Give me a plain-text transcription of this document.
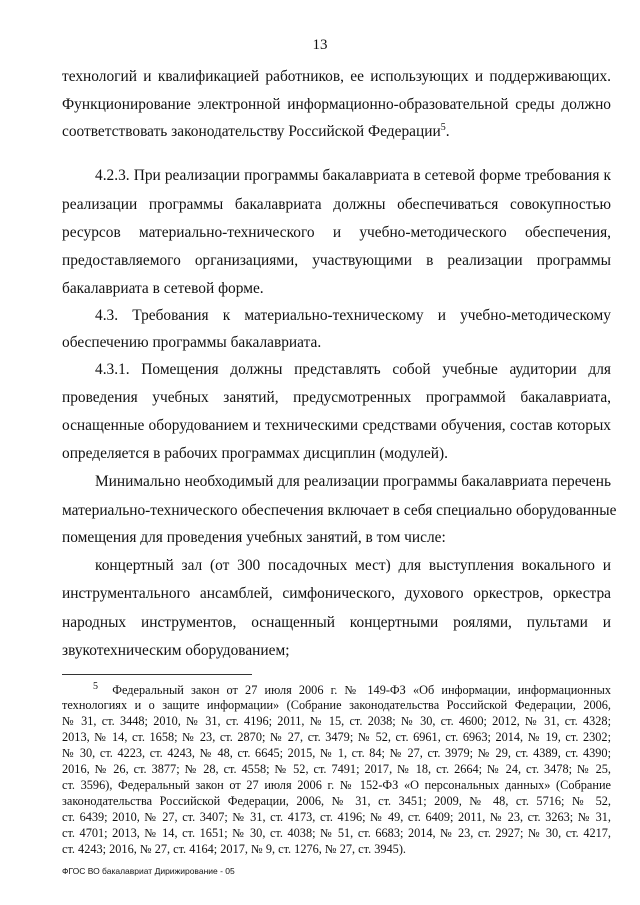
13
технологий и квалификацией работников, ее использующих и поддерживающих.
Функционирование электронной информационно-образовательной среды должно
соответствовать законодательству Российской Федерации$^5$.
4.2.3. При реализации программы бакалавриата в сетевой форме требования к
реализации программы бакалавриата должны обеспечиваться совокупностью
ресурсов материально-технического и учебно-методического обеспечения,
предоставляемого организациями, участвующими в реализации программы
бакалавриата в сетевой форме.
4.3. Требования к материально-техническому и учебно-методическому
обеспечению программы бакалавриата.
4.3.1. Помещения должны представлять собой учебные аудитории для
проведения учебных занятий, предусмотренных программой бакалавриата,
оснащенные оборудованием и техническими средствами обучения, состав которых
определяется в рабочих программах дисциплин (модулей).
Минимально необходимый для реализации программы бакалавриата перечень
материально-технического обеспечения включает в себя специально оборудованные
помещения для проведения учебных занятий, в том числе:
концертный зал (от 300 посадочных мест) для выступления вокального и
инструментального ансамблей, симфонического, духового оркестров, оркестра
народных инструментов, оснащенный концертными роялями, пультами и
звукотехническим оборудованием;
$^5$ Федеральный закон от 27 июля 2006 г. № 149-ФЗ «Об информации, информационных
технологиях и о защите информации» (Собрание законодательства Российской Федерации, 2006,
№ 31, ст. 3448; 2010, № 31, ст. 4196; 2011, № 15, ст. 2038; № 30, ст. 4600; 2012, № 31, ст. 4328;
2013, № 14, ст. 1658; № 23, ст. 2870; № 27, ст. 3479; № 52, ст. 6961, ст. 6963; 2014, № 19, ст. 2302;
№ 30, ст. 4223, ст. 4243, № 48, ст. 6645; 2015, № 1, ст. 84; № 27, ст. 3979; № 29, ст. 4389, ст. 4390;
2016, № 26, ст. 3877; № 28, ст. 4558; № 52, ст. 7491; 2017, № 18, ст. 2664; № 24, ст. 3478; № 25,
ст. 3596), Федеральный закон от 27 июля 2006 г. № 152-ФЗ «О персональных данных» (Собрание
законодательства Российской Федерации, 2006, № 31, ст. 3451; 2009, № 48, ст. 5716; № 52,
ст. 6439; 2010, № 27, ст. 3407; № 31, ст. 4173, ст. 4196; № 49, ст. 6409; 2011, № 23, ст. 3263; № 31,
ст. 4701; 2013, № 14, ст. 1651; № 30, ст. 4038; № 51, ст. 6683; 2014, № 23, ст. 2927; № 30, ст. 4217,
ст. 4243; 2016, № 27, ст. 4164; 2017, № 9, ст. 1276, № 27, ст. 3945).
ФГОС ВО бакалавриат Дирижирование - 05
